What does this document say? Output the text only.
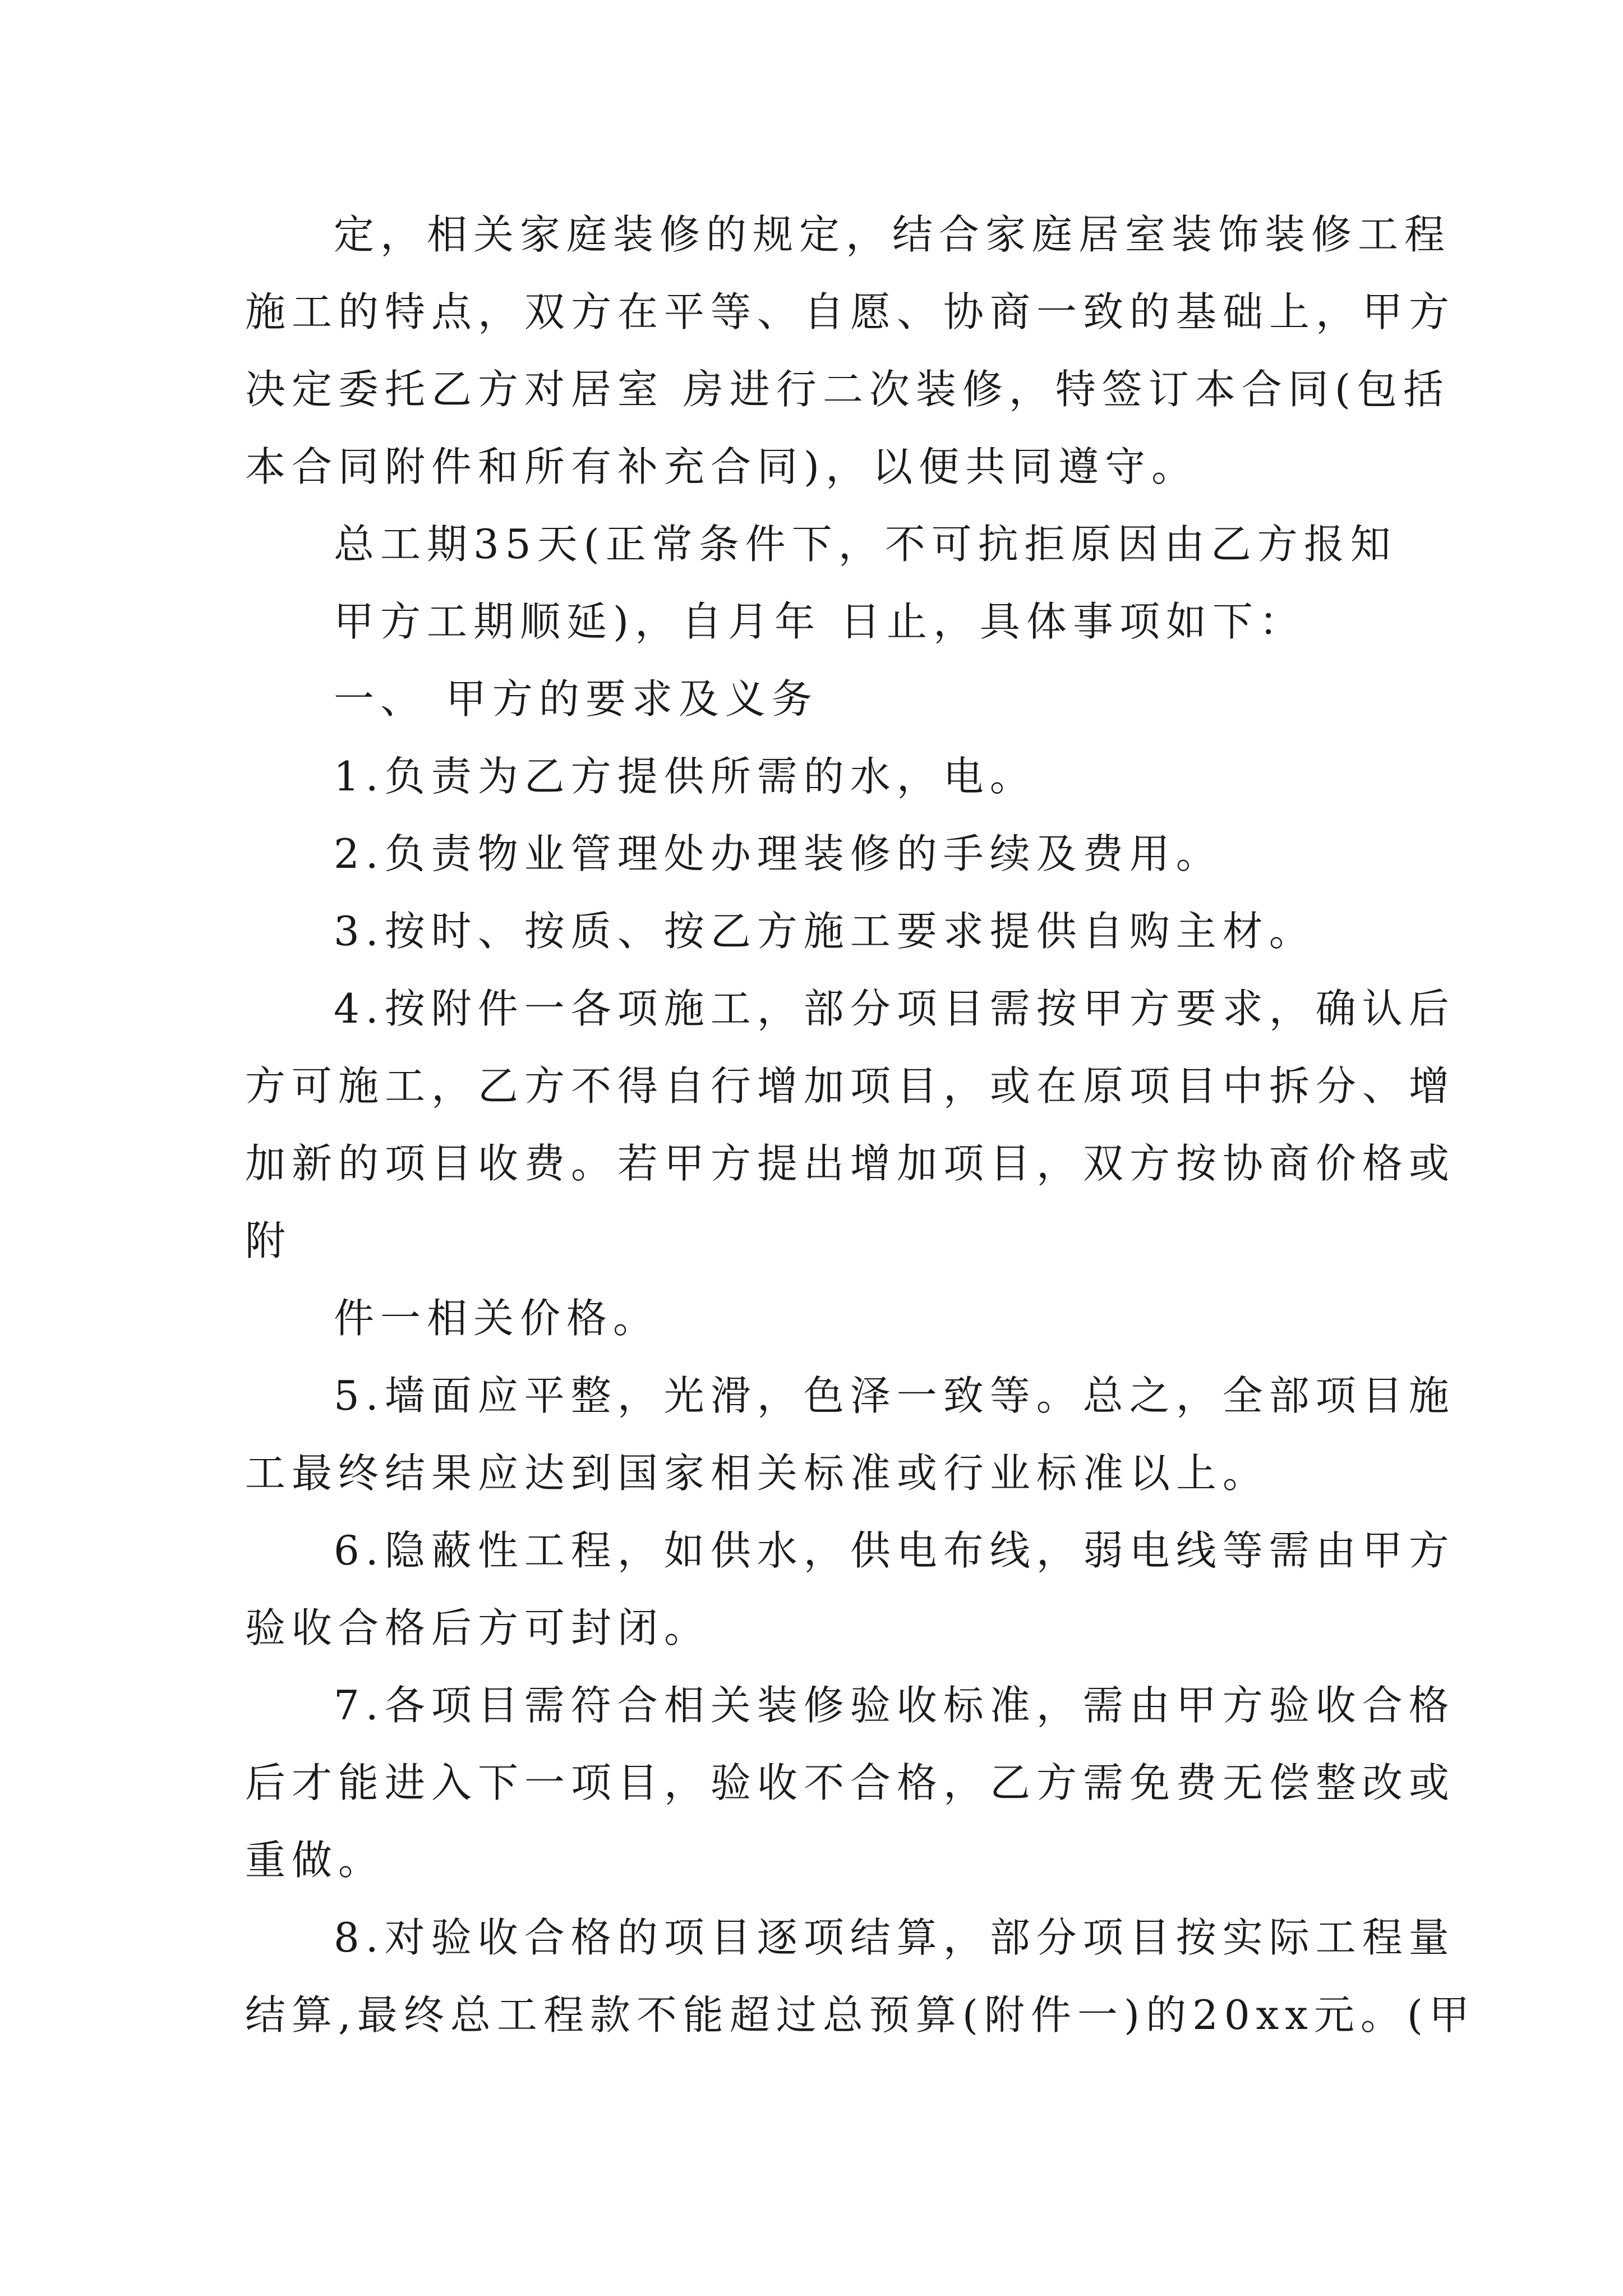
定，相关家庭装修的规定，结合家庭居室装饰装修工程
施工的特点，双方在平等、自愿、协商一致的基础上，甲方
决定委托乙方对居室 房进行二次装修，特签订本合同(包括
本合同附件和所有补充合同)，以便共同遵守。
总工期35天(正常条件下，不可抗拒原因由乙方报知
甲方工期顺延)，自月年 日止，具体事项如下：
一、 甲方的要求及义务
1.负责为乙方提供所需的水，电。
2.负责物业管理处办理装修的手续及费用。
3.按时、按质、按乙方施工要求提供自购主材。
4.按附件一各项施工，部分项目需按甲方要求，确认后
方可施工，乙方不得自行增加项目，或在原项目中拆分、增
加新的项目收费。若甲方提出增加项目，双方按协商价格或
附
件一相关价格。
5.墙面应平整，光滑，色泽一致等。总之，全部项目施
工最终结果应达到国家相关标准或行业标准以上。
6.隐蔽性工程，如供水，供电布线，弱电线等需由甲方
验收合格后方可封闭。
7.各项目需符合相关装修验收标准，需由甲方验收合格
后才能进入下一项目，验收不合格，乙方需免费无偿整改或
重做。
8.对验收合格的项目逐项结算，部分项目按实际工程量
结算,最终总工程款不能超过总预算(附件一)的20xx元。(甲
